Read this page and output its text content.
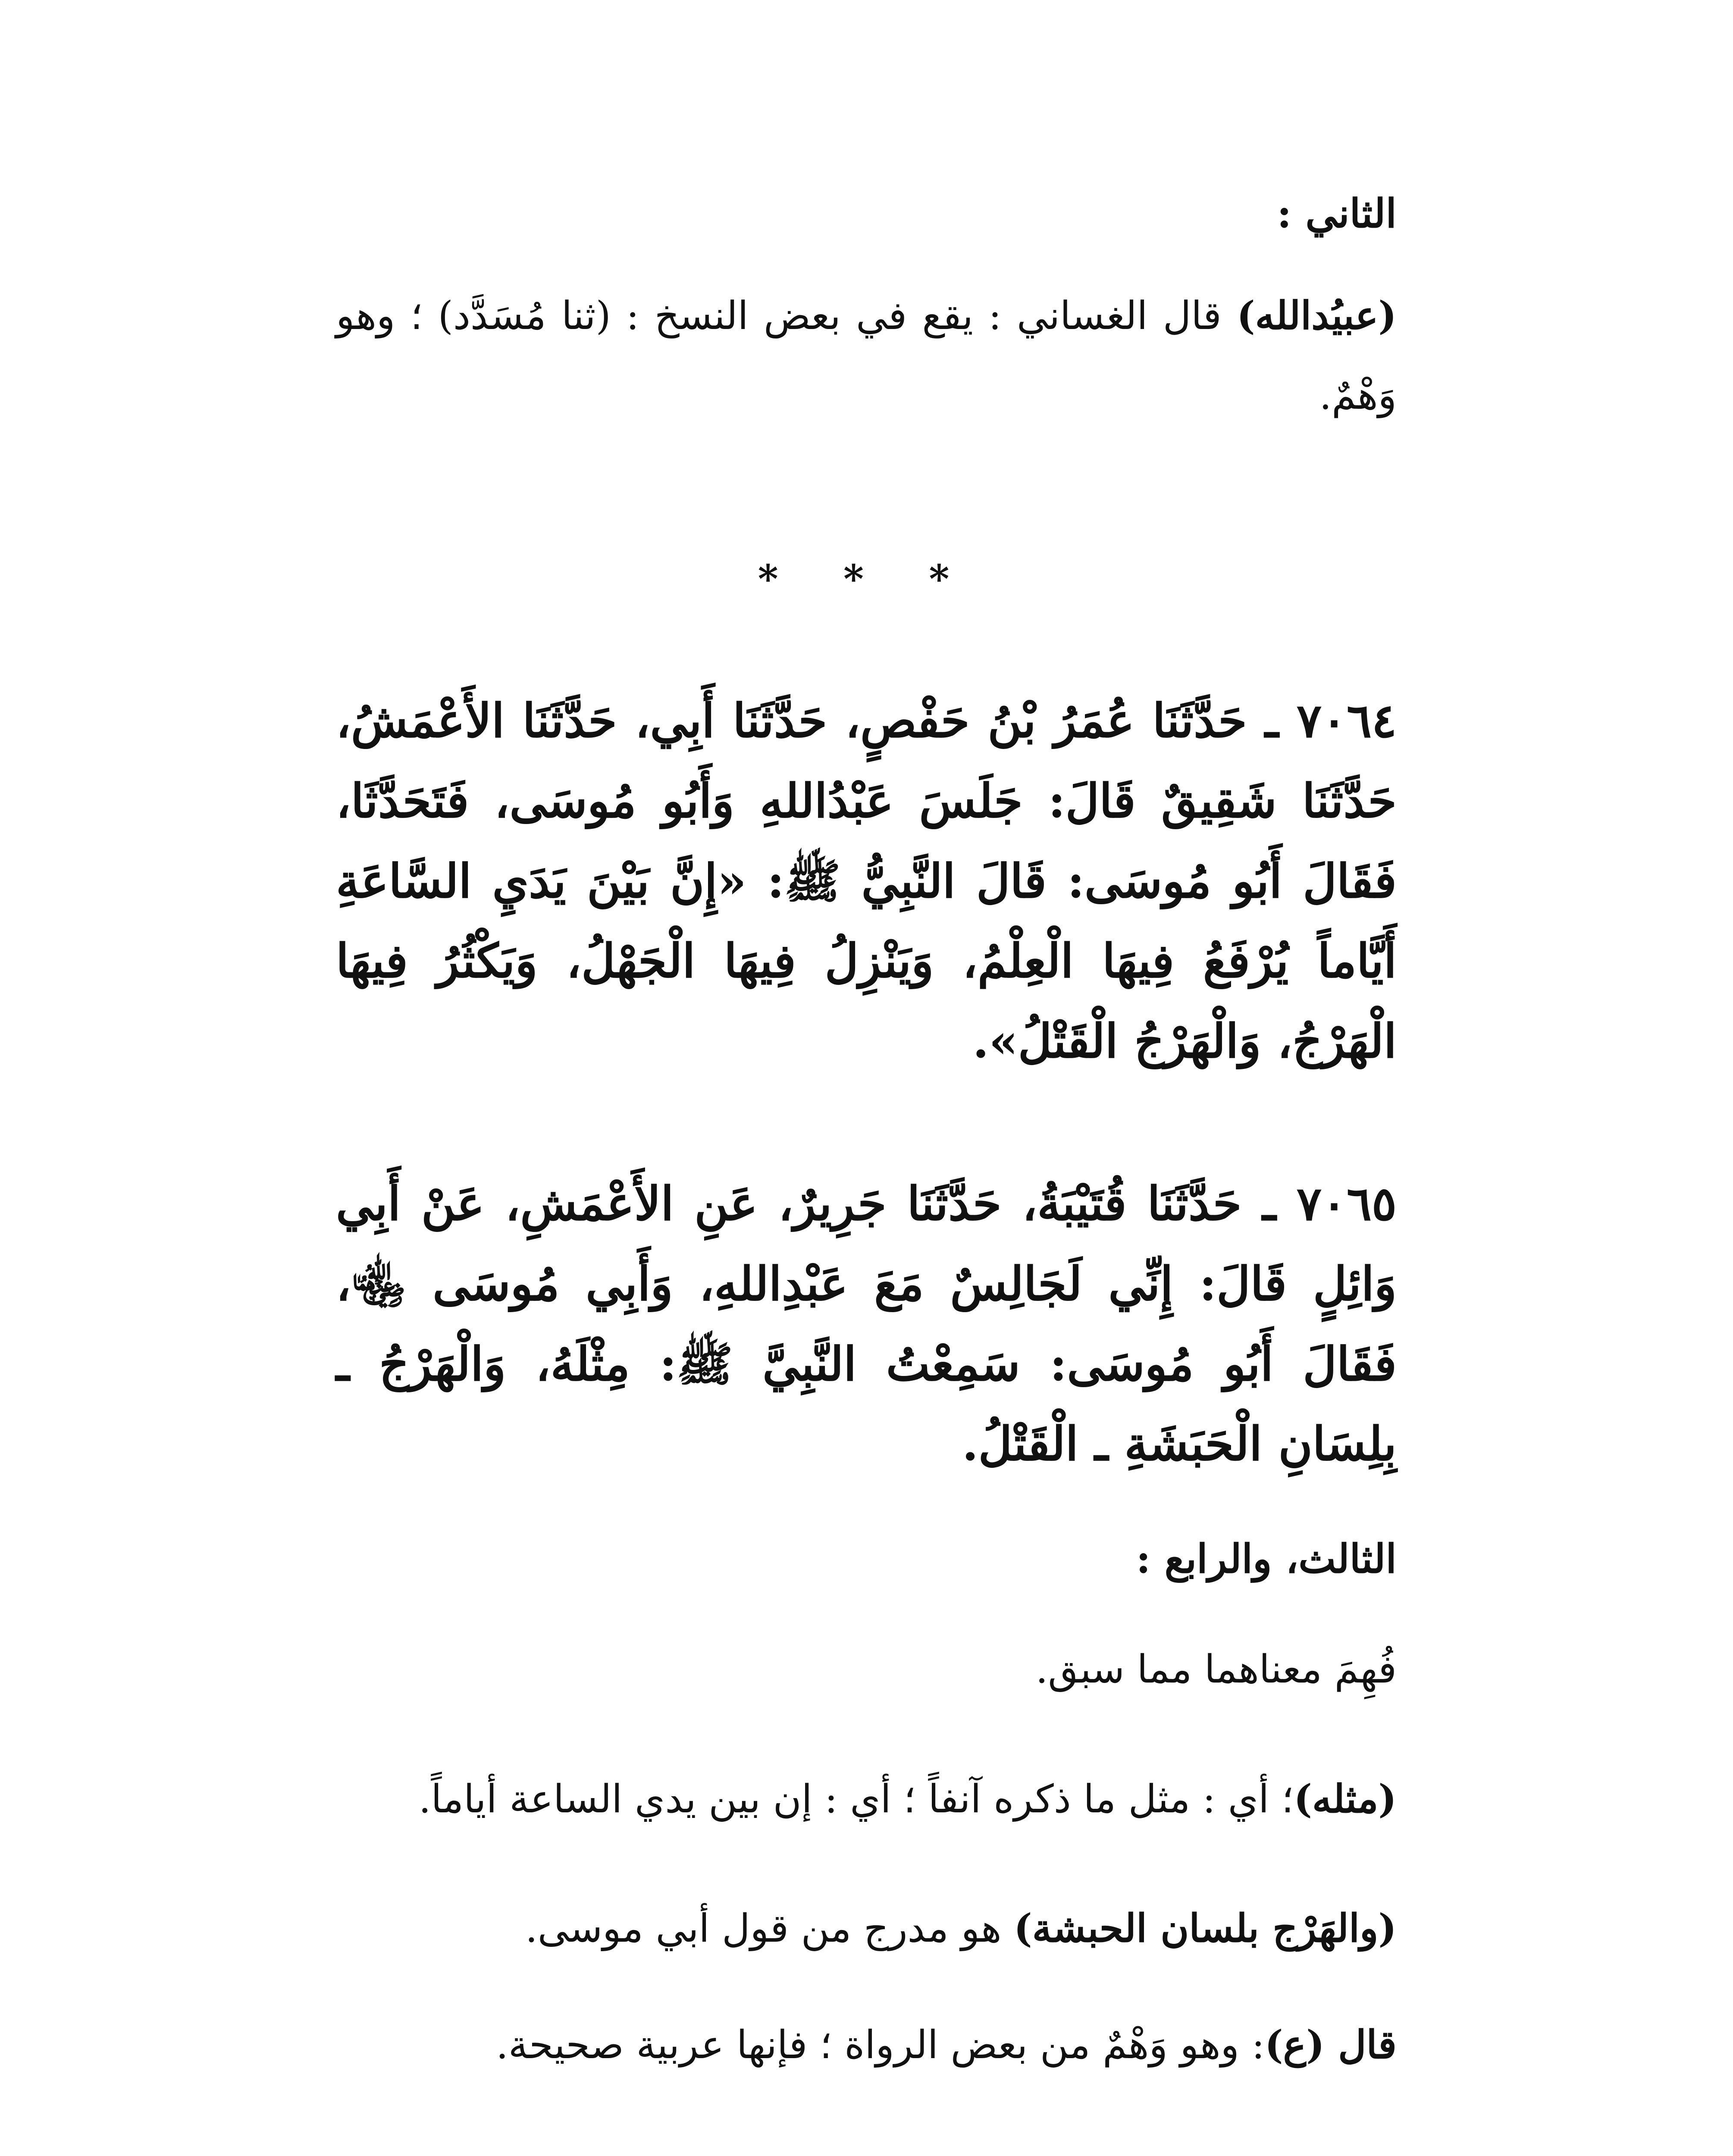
الثاني :
(عبيُدالله) قال الغساني : يقع في بعض النسخ : (ثنا مُسَدَّد) ؛ وهو وَهْمٌ.
* * *
٧٠٦٤ ـ حَدَّثَنَا عُمَرُ بْنُ حَفْصٍ، حَدَّثَنَا أَبِي، حَدَّثَنَا الأَعْمَشُ، حَدَّثَنَا شَقِيقٌ قَالَ: جَلَسَ عَبْدُاللهِ وَأَبُو مُوسَى، فَتَحَدَّثَا، فَقَالَ أَبُو مُوسَى: قَالَ النَّبِيُّ ﷺ: «إِنَّ بَيْنَ يَدَيِ السَّاعَةِ أَيَّاماً يُرْفَعُ فِيهَا الْعِلْمُ، وَيَنْزِلُ فِيهَا الْجَهْلُ، وَيَكْثُرُ فِيهَا الْهَرْجُ، وَالْهَرْجُ الْقَتْلُ».
٧٠٦٥ ـ حَدَّثَنَا قُتَيْبَةُ، حَدَّثَنَا جَرِيرٌ، عَنِ الأَعْمَشِ، عَنْ أَبِي وَائِلٍ قَالَ: إِنِّي لَجَالِسٌ مَعَ عَبْدِاللهِ، وَأَبِي مُوسَى ﵄، فَقَالَ أَبُو مُوسَى: سَمِعْتُ النَّبِيَّ ﷺ: مِثْلَهُ، وَالْهَرْجُ ـ بِلِسَانِ الْحَبَشَةِ ـ الْقَتْلُ.
الثالث، والرابع :
فُهِمَ معناهما مما سبق.
(مثله)؛ أي : مثل ما ذكره آنفاً ؛ أي : إن بين يدي الساعة أياماً.
(والهَرْج بلسان الحبشة) هو مدرج من قول أبي موسى.
قال (ع): وهو وَهْمٌ من بعض الرواة ؛ فإنها عربية صحيحة.
